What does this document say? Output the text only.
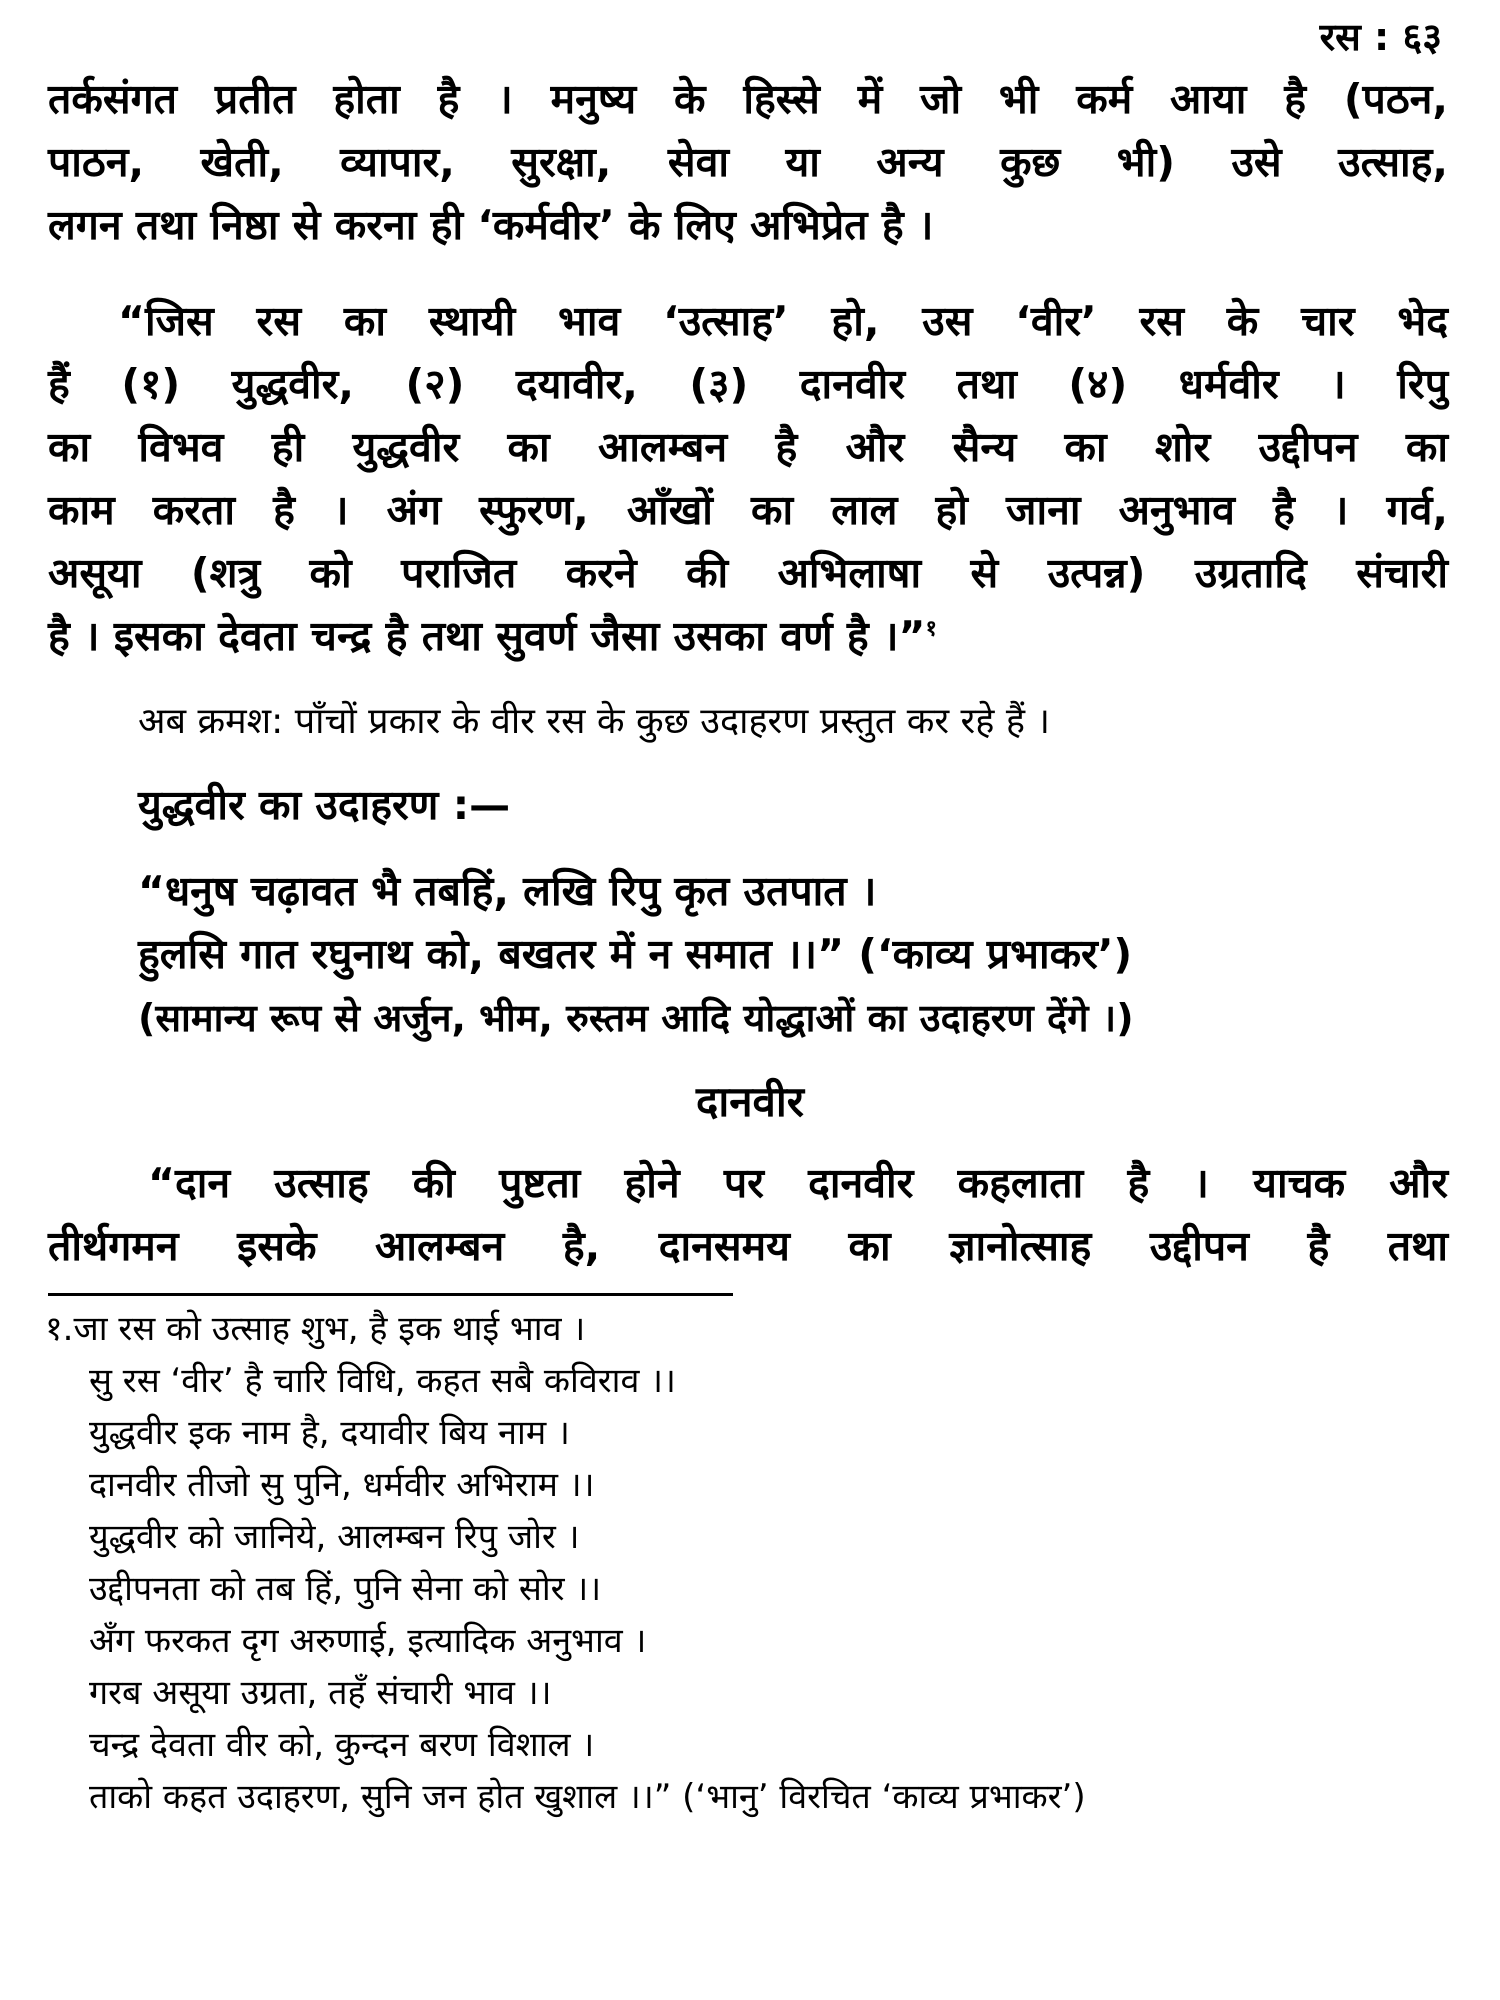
रस : ६३
तर्कसंगत प्रतीत होता है । मनुष्य के हिस्से में जो भी कर्म आया है (पठन,
पाठन, खेती, व्यापार, सुरक्षा, सेवा या अन्य कुछ भी) उसे उत्साह,
लगन तथा निष्ठा से करना ही ‘कर्मवीर’ के लिए अभिप्रेत है ।
“जिस रस का स्थायी भाव ‘उत्साह’ हो, उस ‘वीर’ रस के चार भेद
हैं (१) युद्धवीर, (२) दयावीर, (३) दानवीर तथा (४) धर्मवीर । रिपु
का विभव ही युद्धवीर का आलम्बन है और सैन्य का शोर उद्दीपन का
काम करता है । अंग स्फुरण, आँखों का लाल हो जाना अनुभाव है । गर्व,
असूया (शत्रु को पराजित करने की अभिलाषा से उत्पन्न) उग्रतादि संचारी
है । इसका देवता चन्द्र है तथा सुवर्ण जैसा उसका वर्ण है ।”$^१$
अब क्रमश: पाँचों प्रकार के वीर रस के कुछ उदाहरण प्रस्तुत कर रहे हैं ।
युद्धवीर का उदाहरण :—
“धनुष चढ़ावत भै तबहिं, लखि रिपु कृत उतपात ।
हुलसि गात रघुनाथ को, बखतर में न समात ।।” (‘काव्य प्रभाकर’)
(सामान्य रूप से अर्जुन, भीम, रुस्तम आदि योद्धाओं का उदाहरण देंगे ।)
दानवीर
“दान उत्साह की पुष्टता होने पर दानवीर कहलाता है । याचक और
तीर्थगमन इसके आलम्बन है, दानसमय का ज्ञानोत्साह उद्दीपन है तथा
१.जा रस को उत्साह शुभ, है इक थाई भाव ।
सु रस ‘वीर’ है चारि विधि, कहत सबै कविराव ।।
युद्धवीर इक नाम है, दयावीर बिय नाम ।
दानवीर तीजो सु पुनि, धर्मवीर अभिराम ।।
युद्धवीर को जानिये, आलम्बन रिपु जोर ।
उद्दीपनता को तब हिं, पुनि सेना को सोर ।।
अँग फरकत दृग अरुणाई, इत्यादिक अनुभाव ।
गरब असूया उग्रता, तहँ संचारी भाव ।।
चन्द्र देवता वीर को, कुन्दन बरण विशाल ।
ताको कहत उदाहरण, सुनि जन होत खुशाल ।।” (‘भानु’ विरचित ‘काव्य प्रभाकर’)
